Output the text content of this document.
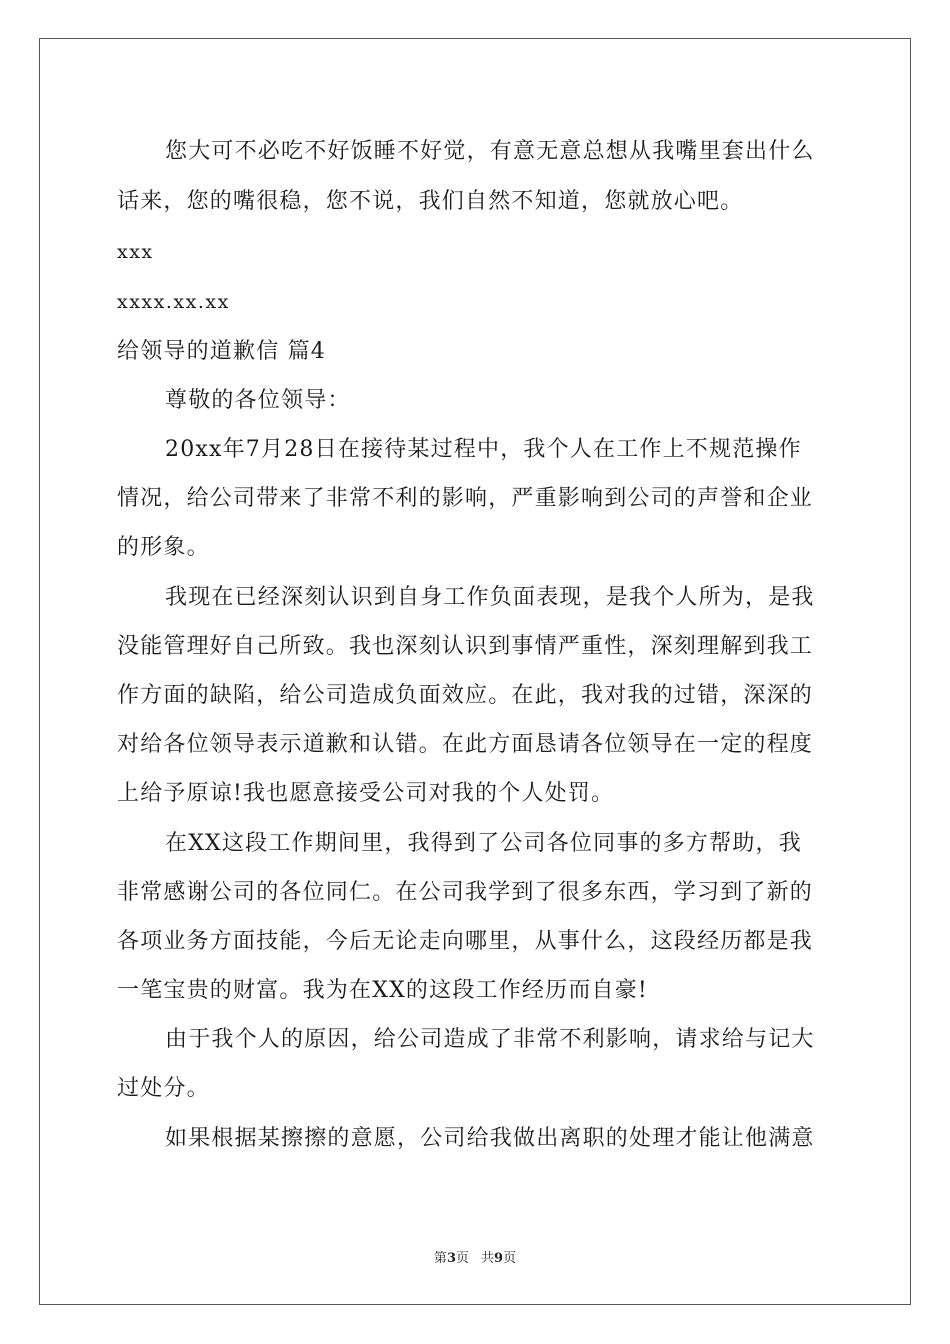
您大可不必吃不好饭睡不好觉，有意无意总想从我嘴里套出什么

话来，您的嘴很稳，您不说，我们自然不知道，您就放心吧。

xxx

xxxx.xx.xx

给领导的道歉信 篇4

尊敬的各位领导：

20xx年7月28日在接待某过程中，我个人在工作上不规范操作

情况，给公司带来了非常不利的影响，严重影响到公司的声誉和企业

的形象。

我现在已经深刻认识到自身工作负面表现，是我个人所为，是我

没能管理好自己所致。我也深刻认识到事情严重性，深刻理解到我工

作方面的缺陷，给公司造成负面效应。在此，我对我的过错，深深的

对给各位领导表示道歉和认错。在此方面恳请各位领导在一定的程度

上给予原谅!我也愿意接受公司对我的个人处罚。

在XX这段工作期间里，我得到了公司各位同事的多方帮助，我

非常感谢公司的各位同仁。在公司我学到了很多东西，学习到了新的

各项业务方面技能，今后无论走向哪里，从事什么，这段经历都是我

一笔宝贵的财富。我为在XX的这段工作经历而自豪!

由于我个人的原因，给公司造成了非常不利影响，请求给与记大

过处分。

如果根据某擦擦的意愿，公司给我做出离职的处理才能让他满意

第3页 共9页
